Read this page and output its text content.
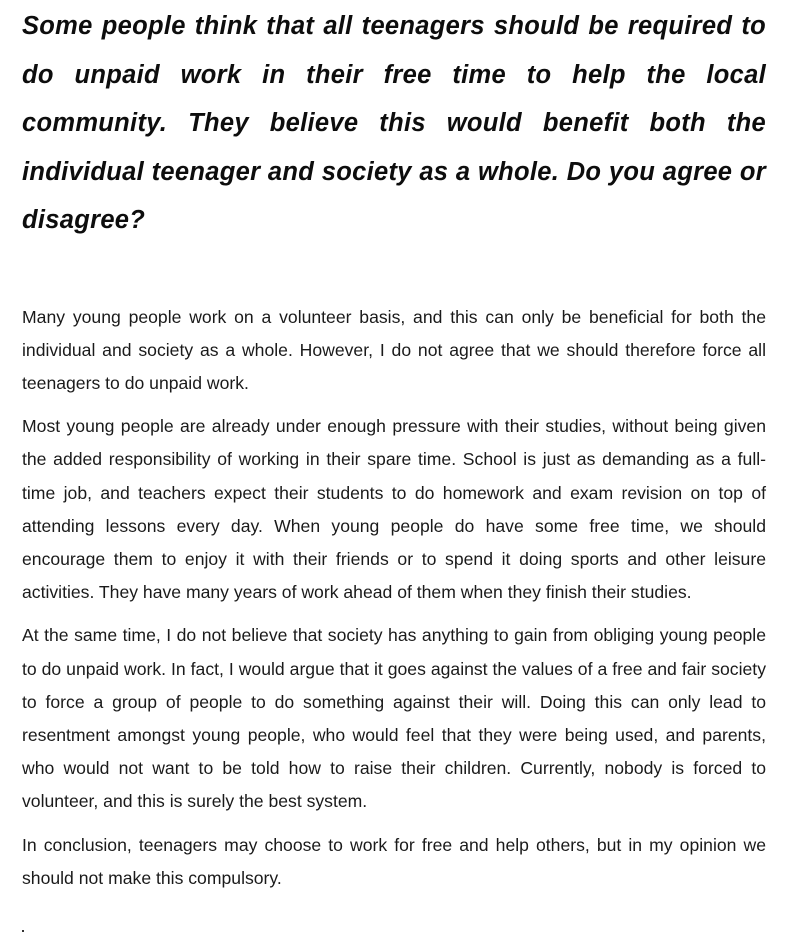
Some people think that all teenagers should be required to do unpaid work in their free time to help the local community. They believe this would benefit both the individual teenager and society as a whole. Do you agree or disagree?

Many young people work on a volunteer basis, and this can only be beneficial for both the individual and society as a whole. However, I do not agree that we should therefore force all teenagers to do unpaid work.

Most young people are already under enough pressure with their studies, without being given the added responsibility of working in their spare time. School is just as demanding as a full-time job, and teachers expect their students to do homework and exam revision on top of attending lessons every day. When young people do have some free time, we should encourage them to enjoy it with their friends or to spend it doing sports and other leisure activities. They have many years of work ahead of them when they finish their studies.

At the same time, I do not believe that society has anything to gain from obliging young people to do unpaid work. In fact, I would argue that it goes against the values of a free and fair society to force a group of people to do something against their will. Doing this can only lead to resentment amongst young people, who would feel that they were being used, and parents, who would not want to be told how to raise their children. Currently, nobody is forced to volunteer, and this is surely the best system.

In conclusion, teenagers may choose to work for free and help others, but in my opinion we should not make this compulsory.
